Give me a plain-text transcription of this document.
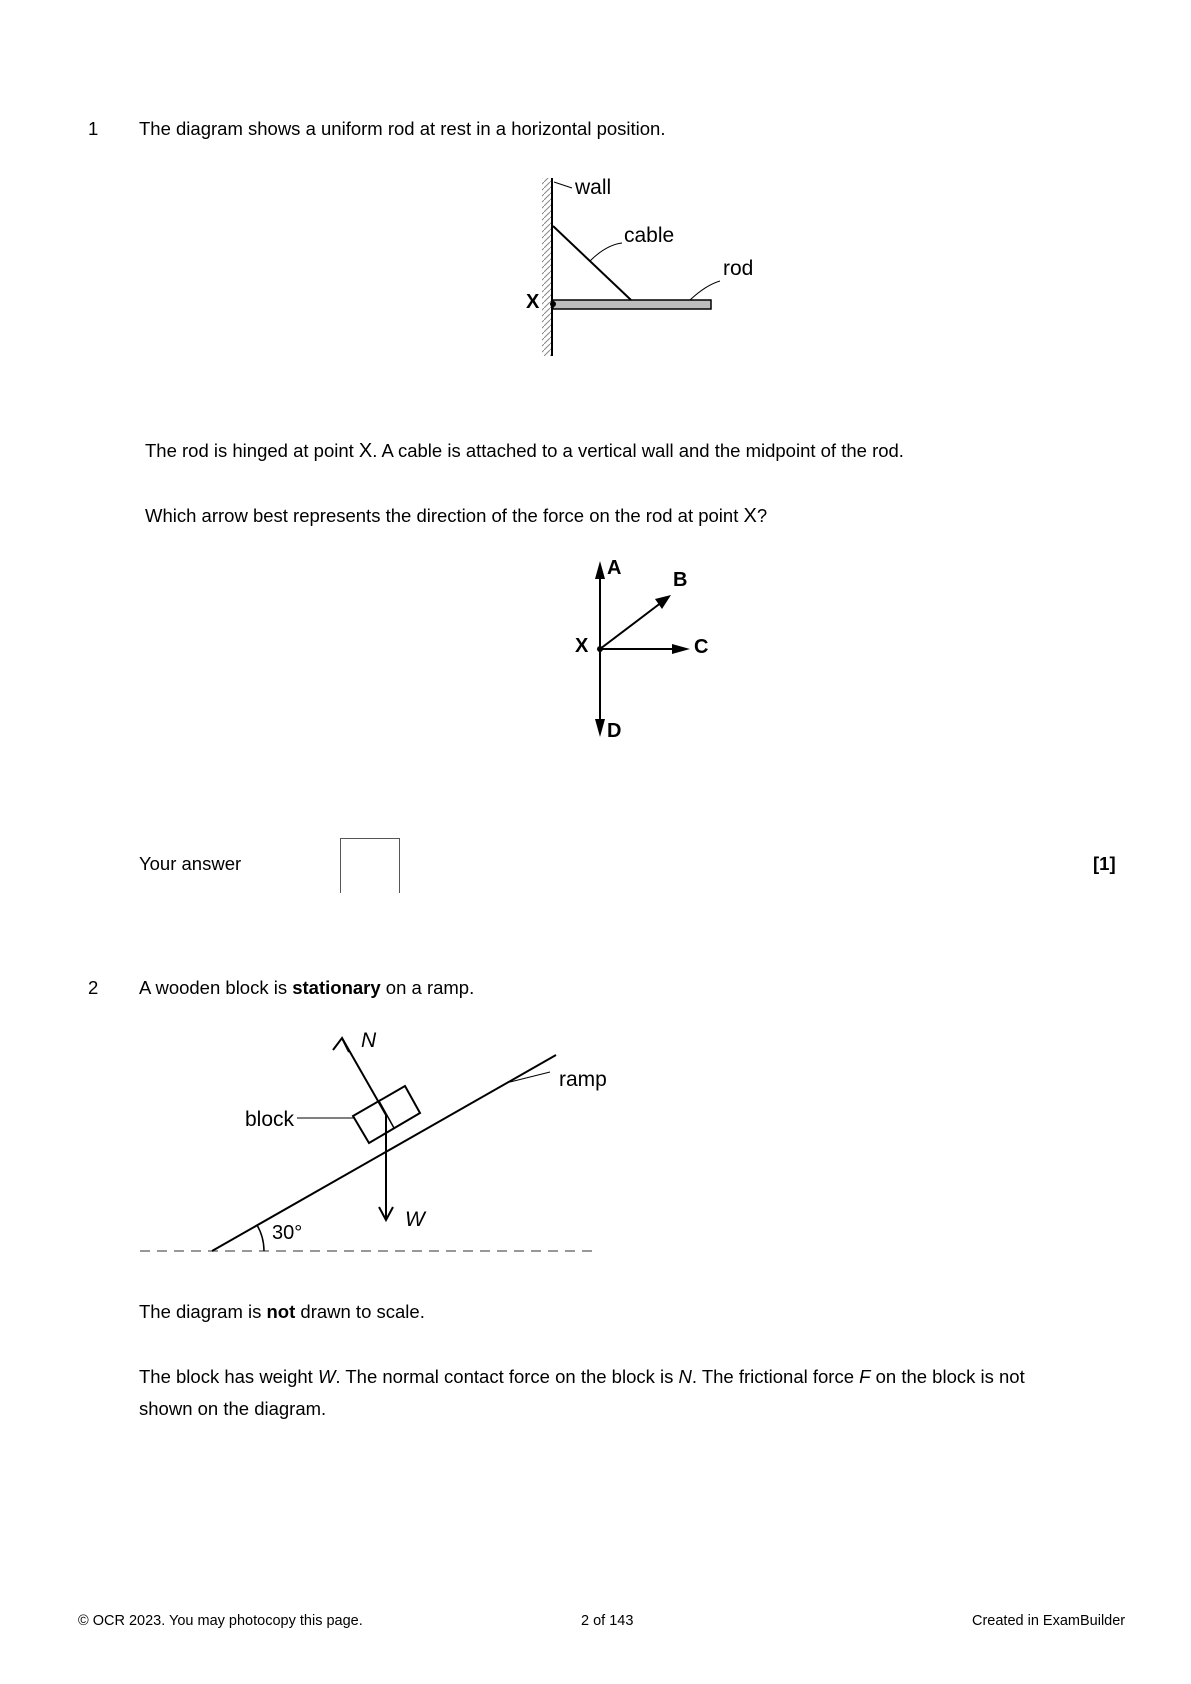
1 The diagram shows a uniform rod at rest in a horizontal position.
wall
cable
rod
X
The rod is hinged at point X. A cable is attached to a vertical wall and the midpoint of the rod.
Which arrow best represents the direction of the force on the rod at point X?
A
B
X	C
D
Your answer	[1]
2 A wooden block is stationary on a ramp.
N
ramp
block
W
30°
The diagram is not drawn to scale.
The block has weight W. The normal contact force on the block is N. The frictional force F on the block is not
shown on the diagram.
© OCR 2023. You may photocopy this page.	2 of 143	Created in ExamBuilder
